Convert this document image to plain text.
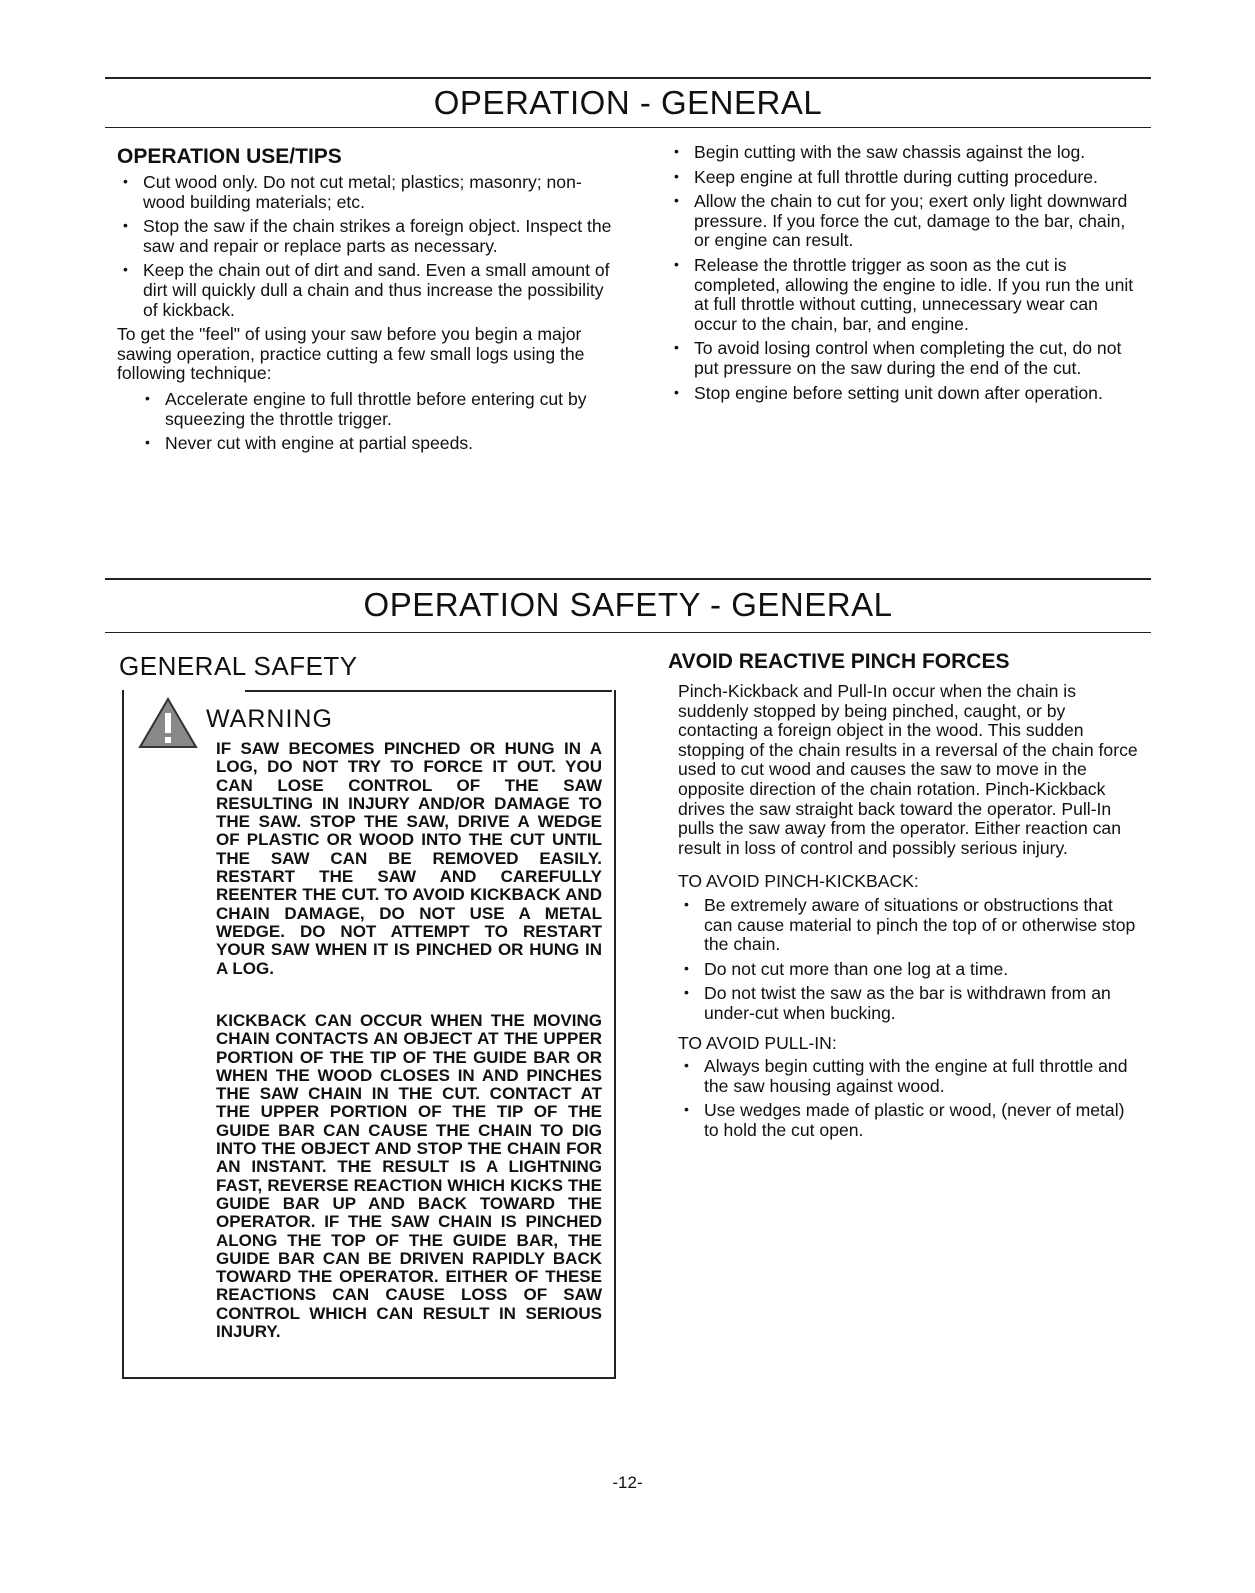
OPERATION - GENERAL
OPERATION USE/TIPS
• Cut wood only. Do not cut metal; plastics; masonry; non-wood building materials; etc.
• Stop the saw if the chain strikes a foreign object. Inspect the saw and repair or replace parts as necessary.
• Keep the chain out of dirt and sand. Even a small amount of dirt will quickly dull a chain and thus increase the possibility of kickback.
To get the "feel" of using your saw before you begin a major sawing operation, practice cutting a few small logs using the following technique:
• Accelerate engine to full throttle before entering cut by squeezing the throttle trigger.
• Never cut with engine at partial speeds.
• Begin cutting with the saw chassis against the log.
• Keep engine at full throttle during cutting procedure.
• Allow the chain to cut for you; exert only light downward pressure. If you force the cut, damage to the bar, chain, or engine can result.
• Release the throttle trigger as soon as the cut is completed, allowing the engine to idle. If you run the unit at full throttle without cutting, unnecessary wear can occur to the chain, bar, and engine.
• To avoid losing control when completing the cut, do not put pressure on the saw during the end of the cut.
• Stop engine before setting unit down after operation.
OPERATION SAFETY - GENERAL
GENERAL SAFETY
WARNING
IF SAW BECOMES PINCHED OR HUNG IN A LOG, DO NOT TRY TO FORCE IT OUT. YOU CAN LOSE CONTROL OF THE SAW RESULTING IN INJURY AND/OR DAMAGE TO THE SAW. STOP THE SAW, DRIVE A WEDGE OF PLASTIC OR WOOD INTO THE CUT UNTIL THE SAW CAN BE REMOVED EASILY. RESTART THE SAW AND CAREFULLY REENTER THE CUT. TO AVOID KICKBACK AND CHAIN DAMAGE, DO NOT USE A METAL WEDGE. DO NOT ATTEMPT TO RESTART YOUR SAW WHEN IT IS PINCHED OR HUNG IN A LOG.
KICKBACK CAN OCCUR WHEN THE MOVING CHAIN CONTACTS AN OBJECT AT THE UPPER PORTION OF THE TIP OF THE GUIDE BAR OR WHEN THE WOOD CLOSES IN AND PINCHES THE SAW CHAIN IN THE CUT. CONTACT AT THE UPPER PORTION OF THE TIP OF THE GUIDE BAR CAN CAUSE THE CHAIN TO DIG INTO THE OBJECT AND STOP THE CHAIN FOR AN INSTANT. THE RESULT IS A LIGHTNING FAST, REVERSE REACTION WHICH KICKS THE GUIDE BAR UP AND BACK TOWARD THE OPERATOR. IF THE SAW CHAIN IS PINCHED ALONG THE TOP OF THE GUIDE BAR, THE GUIDE BAR CAN BE DRIVEN RAPIDLY BACK TOWARD THE OPERATOR. EITHER OF THESE REACTIONS CAN CAUSE LOSS OF SAW CONTROL WHICH CAN RESULT IN SERIOUS INJURY.
AVOID REACTIVE PINCH FORCES
Pinch-Kickback and Pull-In occur when the chain is suddenly stopped by being pinched, caught, or by contacting a foreign object in the wood. This sudden stopping of the chain results in a reversal of the chain force used to cut wood and causes the saw to move in the opposite direction of the chain rotation. Pinch-Kickback drives the saw straight back toward the operator. Pull-In pulls the saw away from the operator. Either reaction can result in loss of control and possibly serious injury.
TO AVOID PINCH-KICKBACK:
• Be extremely aware of situations or obstructions that can cause material to pinch the top of or otherwise stop the chain.
• Do not cut more than one log at a time.
• Do not twist the saw as the bar is withdrawn from an under-cut when bucking.
TO AVOID PULL-IN:
• Always begin cutting with the engine at full throttle and the saw housing against wood.
• Use wedges made of plastic or wood, (never of metal) to hold the cut open.
-12-
